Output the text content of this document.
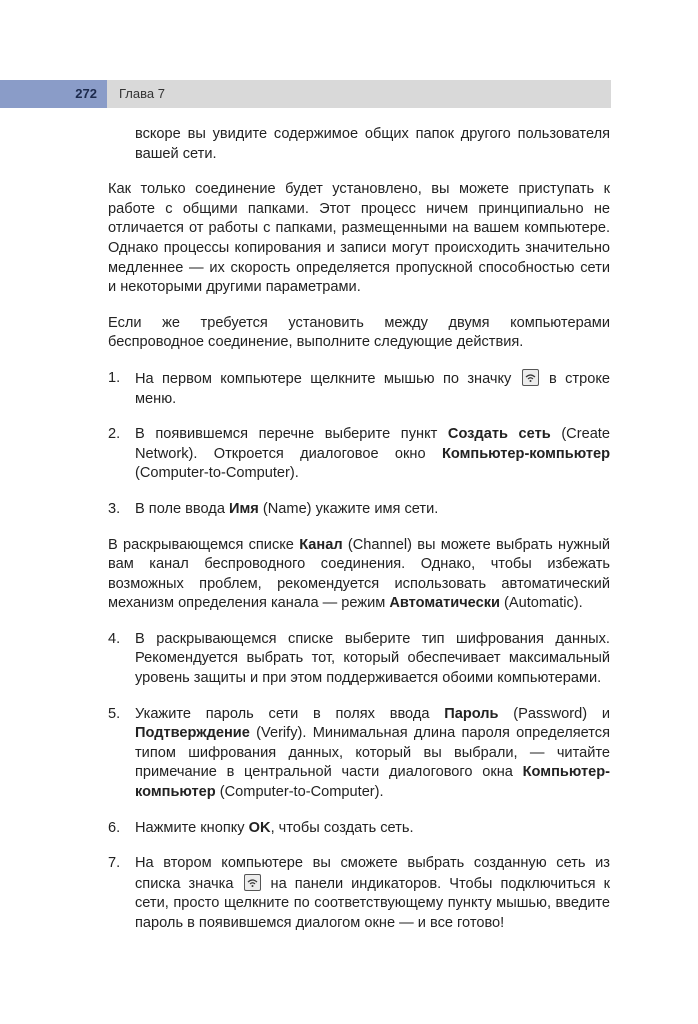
272	Глава 7

вскоре вы увидите содержимое общих папок другого пользователя вашей сети.

Как только соединение будет установлено, вы можете приступать к работе с общими папками. Этот процесс ничем принципиально не отличается от работы с папками, размещенными на вашем компьютере. Однако процессы копирования и записи могут происходить значительно медленнее — их скорость определяется пропускной способностью сети и некоторыми другими параметрами.

Если же требуется установить между двумя компьютерами беспроводное соединение, выполните следующие действия.

1. На первом компьютере щелкните мышью по значку	в строке меню.
2. В появившемся перечне выберите пункт Создать сеть (Create Network). Откроется диалоговое окно Компьютер-компьютер (Computer-to-Computer).
3. В поле ввода Имя (Name) укажите имя сети.

В раскрывающемся списке Канал (Channel) вы можете выбрать нужный вам канал беспроводного соединения. Однако, чтобы избежать возможных проблем, рекомендуется использовать автоматический механизм определения канала — режим Автоматически (Automatic).

4. В раскрывающемся списке выберите тип шифрования данных. Рекомендуется выбрать тот, который обеспечивает максимальный уровень защиты и при этом поддерживается обоими компьютерами.
5. Укажите пароль сети в полях ввода Пароль (Password) и Подтверждение (Verify). Минимальная длина пароля определяется типом шифрования данных, который вы выбрали, — читайте примечание в центральной части диалогового окна Компьютер-компьютер (Computer-to-Computer).
6. Нажмите кнопку OK, чтобы создать сеть.
7. На втором компьютере вы сможете выбрать созданную сеть из списка значка	на панели индикаторов. Чтобы подключиться к сети, просто щелкните по соответствующему пункту мышью, введите пароль в появившемся диалогом окне — и все готово!
